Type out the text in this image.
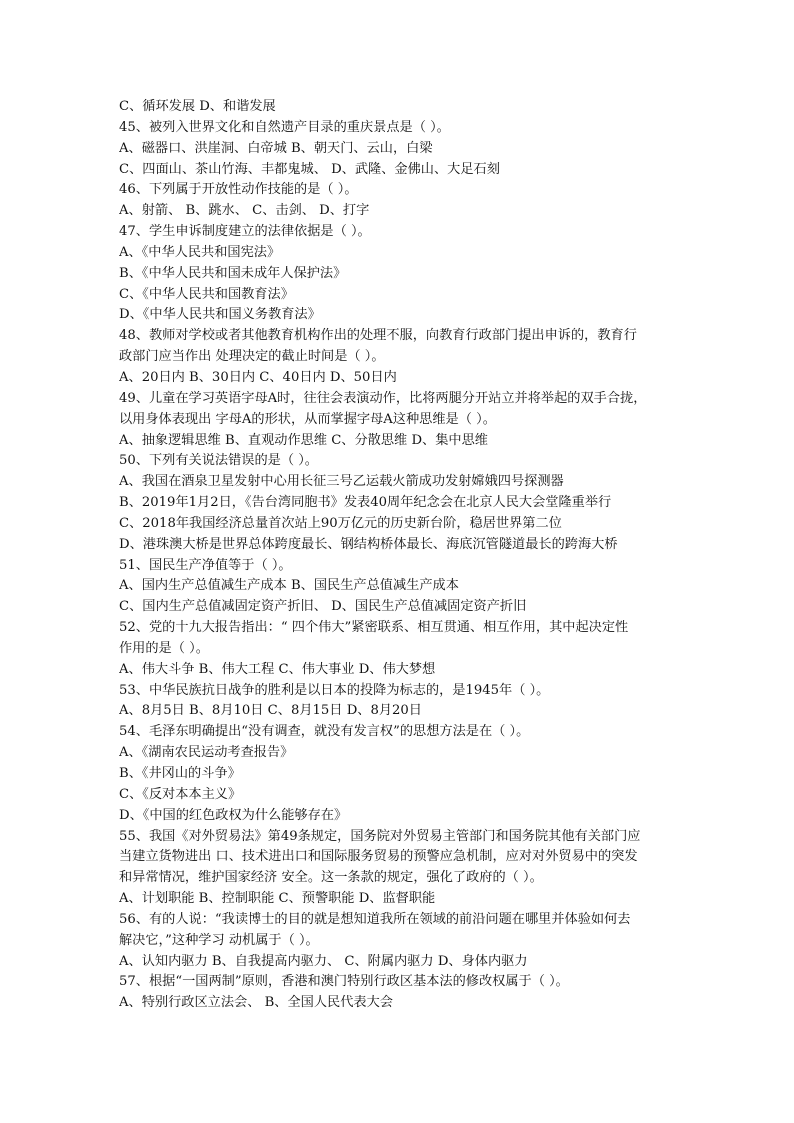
C、循环发展 D、和谐发展
45、被列入世界文化和自然遗产目录的重庆景点是（ ）。
A、磁器口、洪崖洞、白帝城 B、朝天门、云山，白梁
C、四面山、茶山竹海、丰都鬼城、 D、武隆、金佛山、大足石刻
46、下列属于开放性动作技能的是（ ）。
A、射箭、 B、跳水、 C、击剑、 D、打字
47、学生申诉制度建立的法律依据是（ ）。
A、《中华人民共和国宪法》
B、《中华人民共和国未成年人保护法》
C、《中华人民共和国教育法》
D、《中华人民共和国义务教育法》
48、教师对学校或者其他教育机构作出的处理不服，向教育行政部门提出申诉的，教育行
政部门应当作出 处理决定的截止时间是（ ）。
A、20日内 B、30日内 C、40日内 D、50日内
49、儿童在学习英语字母A时，往往会表演动作，比将两腿分开站立并将举起的双手合拢，
以用身体表现出 字母A的形状，从而掌握字母A这种思维是（ ）。
A、抽象逻辑思维 B、直观动作思维 C、分散思维 D、集中思维
50、下列有关说法错误的是（ ）。
A、我国在酒泉卫星发射中心用长征三号乙运载火箭成功发射嫦娥四号探测器
B、2019年1月2日，《告台湾同胞书》发表40周年纪念会在北京人民大会堂隆重举行
C、2018年我国经济总量首次站上90万亿元的历史新台阶，稳居世界第二位
D、港珠澳大桥是世界总体跨度最长、钢结构桥体最长、海底沉管隧道最长的跨海大桥
51、国民生产净值等于（ ）。
A、国内生产总值减生产成本 B、国民生产总值减生产成本
C、国内生产总值减固定资产折旧、 D、国民生产总值减固定资产折旧
52、党的十九大报告指出：“ 四个伟大”紧密联系、相互贯通、相互作用，其中起决定性
作用的是（ ）。
A、伟大斗争 B、伟大工程 C、伟大事业 D、伟大梦想
53、中华民族抗日战争的胜利是以日本的投降为标志的，是1945年（ ）。
A、8月5日 B、8月10日 C、8月15日 D、8月20日
54、毛泽东明确提出“没有调查，就没有发言权”的思想方法是在（ ）。
A、《湖南农民运动考查报告》
B、《井冈山的斗争》
C、《反对本本主义》
D、《中国的红色政权为什么能够存在》
55、我国《对外贸易法》第49条规定，国务院对外贸易主管部门和国务院其他有关部门应
当建立货物进出 口、技术进出口和国际服务贸易的预警应急机制，应对对外贸易中的突发
和异常情况，维护国家经济 安全。这一条款的规定，强化了政府的（ ）。
A、计划职能 B、控制职能 C、预警职能 D、监督职能
56、有的人说：“我读博士的目的就是想知道我所在领域的前沿问题在哪里并体验如何去
解决它，”这种学习 动机属于（ ）。
A、认知内驱力 B、自我提高内驱力、 C、附属内驱力 D、身体内驱力
57、根据“一国两制”原则，香港和澳门特别行政区基本法的修改权属于（ ）。
A、特别行政区立法会、 B、全国人民代表大会
